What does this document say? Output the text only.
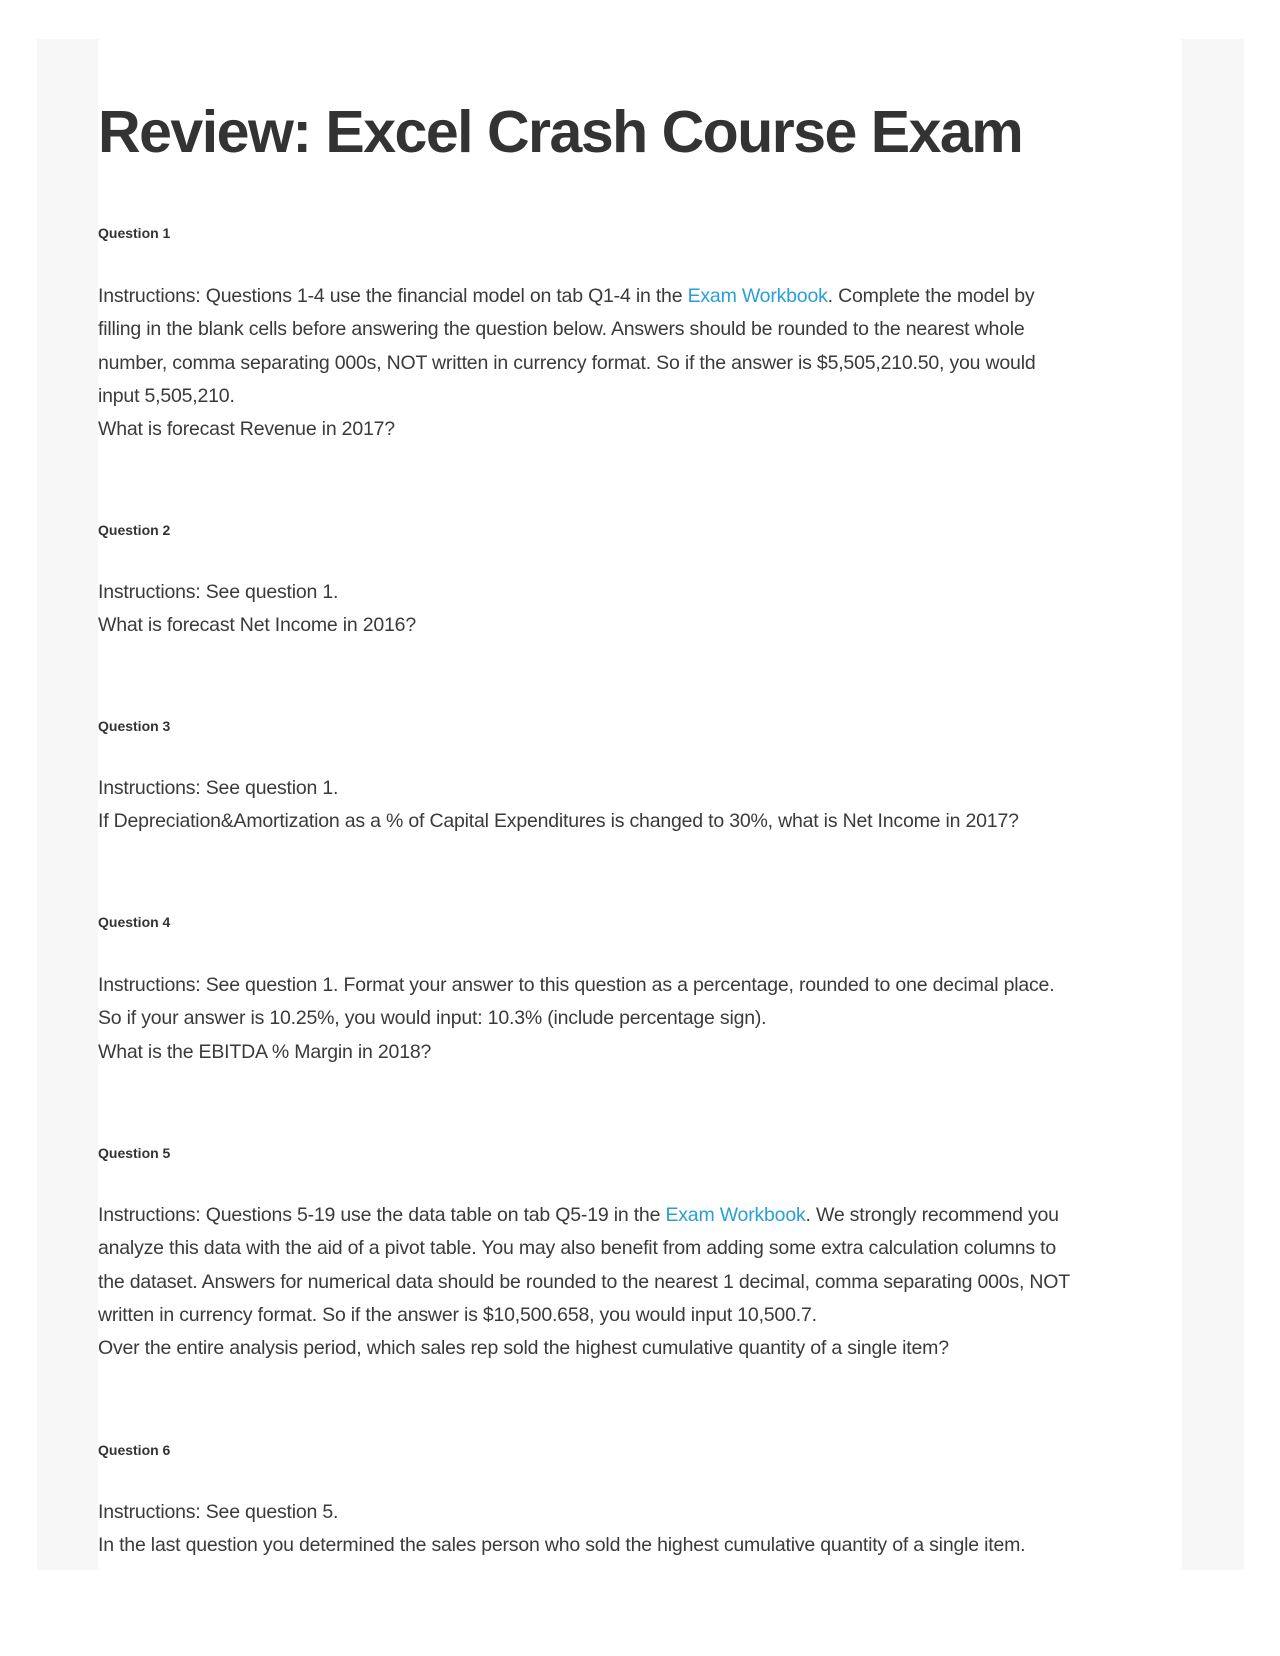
Review: Excel Crash Course Exam
Question 1
Instructions: Questions 1-4 use the financial model on tab Q1-4 in the Exam Workbook. Complete the model by
filling in the blank cells before answering the question below. Answers should be rounded to the nearest whole
number, comma separating 000s, NOT written in currency format. So if the answer is $5,505,210.50, you would
input 5,505,210.
What is forecast Revenue in 2017?
Question 2
Instructions: See question 1.
What is forecast Net Income in 2016?
Question 3
Instructions: See question 1.
If Depreciation&Amortization as a % of Capital Expenditures is changed to 30%, what is Net Income in 2017?
Question 4
Instructions: See question 1. Format your answer to this question as a percentage, rounded to one decimal place.
So if your answer is 10.25%, you would input: 10.3% (include percentage sign).
What is the EBITDA % Margin in 2018?
Question 5
Instructions: Questions 5-19 use the data table on tab Q5-19 in the Exam Workbook. We strongly recommend you
analyze this data with the aid of a pivot table. You may also benefit from adding some extra calculation columns to
the dataset. Answers for numerical data should be rounded to the nearest 1 decimal, comma separating 000s, NOT
written in currency format. So if the answer is $10,500.658, you would input 10,500.7.
Over the entire analysis period, which sales rep sold the highest cumulative quantity of a single item?
Question 6
Instructions: See question 5.
In the last question you determined the sales person who sold the highest cumulative quantity of a single item.
